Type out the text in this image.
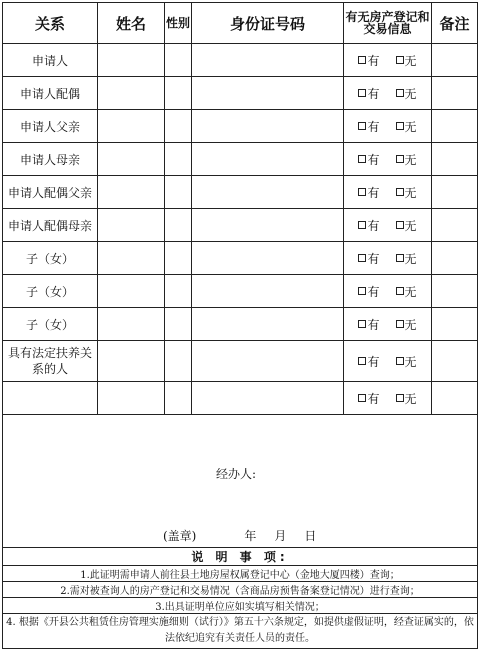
关系	姓名	性别	身份证号码	有无房产登记和交易信息	备注
申请人				有 无	
申请人配偶				有 无	
申请人父亲				有 无	
申请人母亲				有 无	
申请人配偶父亲				有 无	
申请人配偶母亲				有 无	
子（女）				有 无	
子（女）				有 无	
子（女）				有 无	
具有法定扶养关系的人				有 无	
				有 无	

经办人:
(盖章) 年 月 日					

说 明 事 项:					
1.此证明需申请人前往县土地房屋权属登记中心（金地大厦四楼）查询；					
2.需对被查询人的房产登记和交易情况（含商品房预售备案登记情况）进行查询；					
3.出具证明单位应如实填写相关情况；					
4. 根据《开县公共租赁住房管理实施细则（试行）》第五十六条规定，如提供虚假证明，经查证属实的，依法依纪追究有关责任人员的责任。					
